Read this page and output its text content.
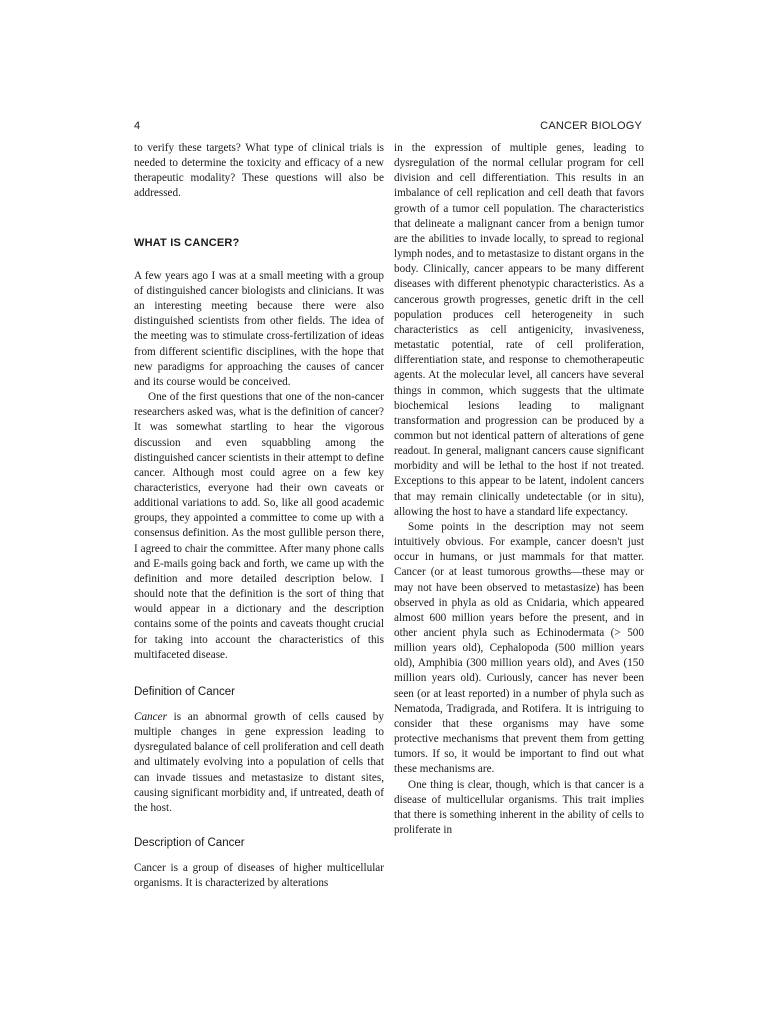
4	CANCER BIOLOGY

to verify these targets? What type of clinical trials is needed to determine the toxicity and efficacy of a new therapeutic modality? These questions will also be addressed.

WHAT IS CANCER?

A few years ago I was at a small meeting with a group of distinguished cancer biologists and clinicians. It was an interesting meeting because there were also distinguished scientists from other fields. The idea of the meeting was to stimulate cross-fertilization of ideas from different scientific disciplines, with the hope that new paradigms for approaching the causes of cancer and its course would be conceived.

One of the first questions that one of the non-cancer researchers asked was, what is the definition of cancer? It was somewhat startling to hear the vigorous discussion and even squabbling among the distinguished cancer scientists in their attempt to define cancer. Although most could agree on a few key characteristics, everyone had their own caveats or additional variations to add. So, like all good academic groups, they appointed a committee to come up with a consensus definition. As the most gullible person there, I agreed to chair the committee. After many phone calls and E-mails going back and forth, we came up with the definition and more detailed description below. I should note that the definition is the sort of thing that would appear in a dictionary and the description contains some of the points and caveats thought crucial for taking into account the characteristics of this multifaceted disease.

Definition of Cancer

Cancer is an abnormal growth of cells caused by multiple changes in gene expression leading to dysregulated balance of cell proliferation and cell death and ultimately evolving into a population of cells that can invade tissues and metastasize to distant sites, causing significant morbidity and, if untreated, death of the host.

Description of Cancer

Cancer is a group of diseases of higher multicellular organisms. It is characterized by alterations

in the expression of multiple genes, leading to dysregulation of the normal cellular program for cell division and cell differentiation. This results in an imbalance of cell replication and cell death that favors growth of a tumor cell population. The characteristics that delineate a malignant cancer from a benign tumor are the abilities to invade locally, to spread to regional lymph nodes, and to metastasize to distant organs in the body. Clinically, cancer appears to be many different diseases with different phenotypic characteristics. As a cancerous growth progresses, genetic drift in the cell population produces cell heterogeneity in such characteristics as cell antigenicity, invasiveness, metastatic potential, rate of cell proliferation, differentiation state, and response to chemotherapeutic agents. At the molecular level, all cancers have several things in common, which suggests that the ultimate biochemical lesions leading to malignant transformation and progression can be produced by a common but not identical pattern of alterations of gene readout. In general, malignant cancers cause significant morbidity and will be lethal to the host if not treated. Exceptions to this appear to be latent, indolent cancers that may remain clinically undetectable (or in situ), allowing the host to have a standard life expectancy.

Some points in the description may not seem intuitively obvious. For example, cancer doesn't just occur in humans, or just mammals for that matter. Cancer (or at least tumorous growths—these may or may not have been observed to metastasize) has been observed in phyla as old as Cnidaria, which appeared almost 600 million years before the present, and in other ancient phyla such as Echinodermata (> 500 million years old), Cephalopoda (500 million years old), Amphibia (300 million years old), and Aves (150 million years old). Curiously, cancer has never been seen (or at least reported) in a number of phyla such as Nematoda, Tradigrada, and Rotifera. It is intriguing to consider that these organisms may have some protective mechanisms that prevent them from getting tumors. If so, it would be important to find out what these mechanisms are.

One thing is clear, though, which is that cancer is a disease of multicellular organisms. This trait implies that there is something inherent in the ability of cells to proliferate in
